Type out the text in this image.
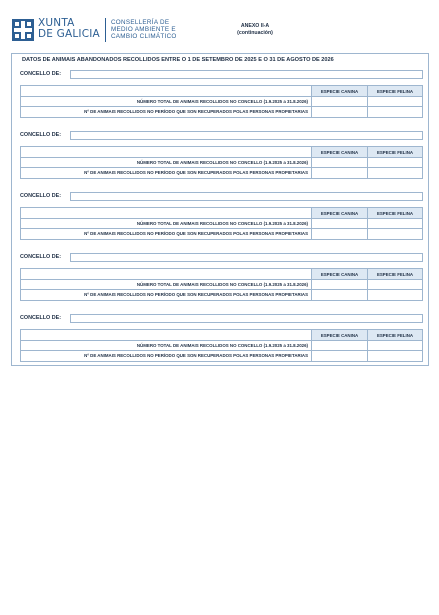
XUNTA
DE GALICIA
CONSELLERÍA DE
MEDIO AMBIENTE E
CAMBIO CLIMÁTICO
ANEXO II-A
(continuación)
DATOS DE ANIMAIS ABANDONADOS RECOLLIDOS ENTRE O 1 DE SETEMBRO DE 2025 E O 31 DE AGOSTO DE 2026
CONCELLO DE:
ESPECIE CANINA	ESPECIE FELINA
NÚMERO TOTAL DE ANIMAIS RECOLLIDOS NO CONCELLO (1.9.2025 a 31.8.2026)
Nº DE ANIMAIS RECOLLIDOS NO PERÍODO QUE SON RECUPERADOS POLAS PERSONAS PROPIETARIAS
CONCELLO DE:
ESPECIE CANINA	ESPECIE FELINA
NÚMERO TOTAL DE ANIMAIS RECOLLIDOS NO CONCELLO (1.9.2025 a 31.8.2026)
Nº DE ANIMAIS RECOLLIDOS NO PERÍODO QUE SON RECUPERADOS POLAS PERSONAS PROPIETARIAS
CONCELLO DE:
ESPECIE CANINA	ESPECIE FELINA
NÚMERO TOTAL DE ANIMAIS RECOLLIDOS NO CONCELLO (1.9.2025 a 31.8.2026)
Nº DE ANIMAIS RECOLLIDOS NO PERÍODO QUE SON RECUPERADOS POLAS PERSONAS PROPIETARIAS
CONCELLO DE:
ESPECIE CANINA	ESPECIE FELINA
NÚMERO TOTAL DE ANIMAIS RECOLLIDOS NO CONCELLO (1.9.2025 a 31.8.2026)
Nº DE ANIMAIS RECOLLIDOS NO PERÍODO QUE SON RECUPERADOS POLAS PERSONAS PROPIETARIAS
CONCELLO DE:
ESPECIE CANINA	ESPECIE FELINA
NÚMERO TOTAL DE ANIMAIS RECOLLIDOS NO CONCELLO (1.9.2025 a 31.8.2026)
Nº DE ANIMAIS RECOLLIDOS NO PERÍODO QUE SON RECUPERADOS POLAS PERSONAS PROPIETARIAS
